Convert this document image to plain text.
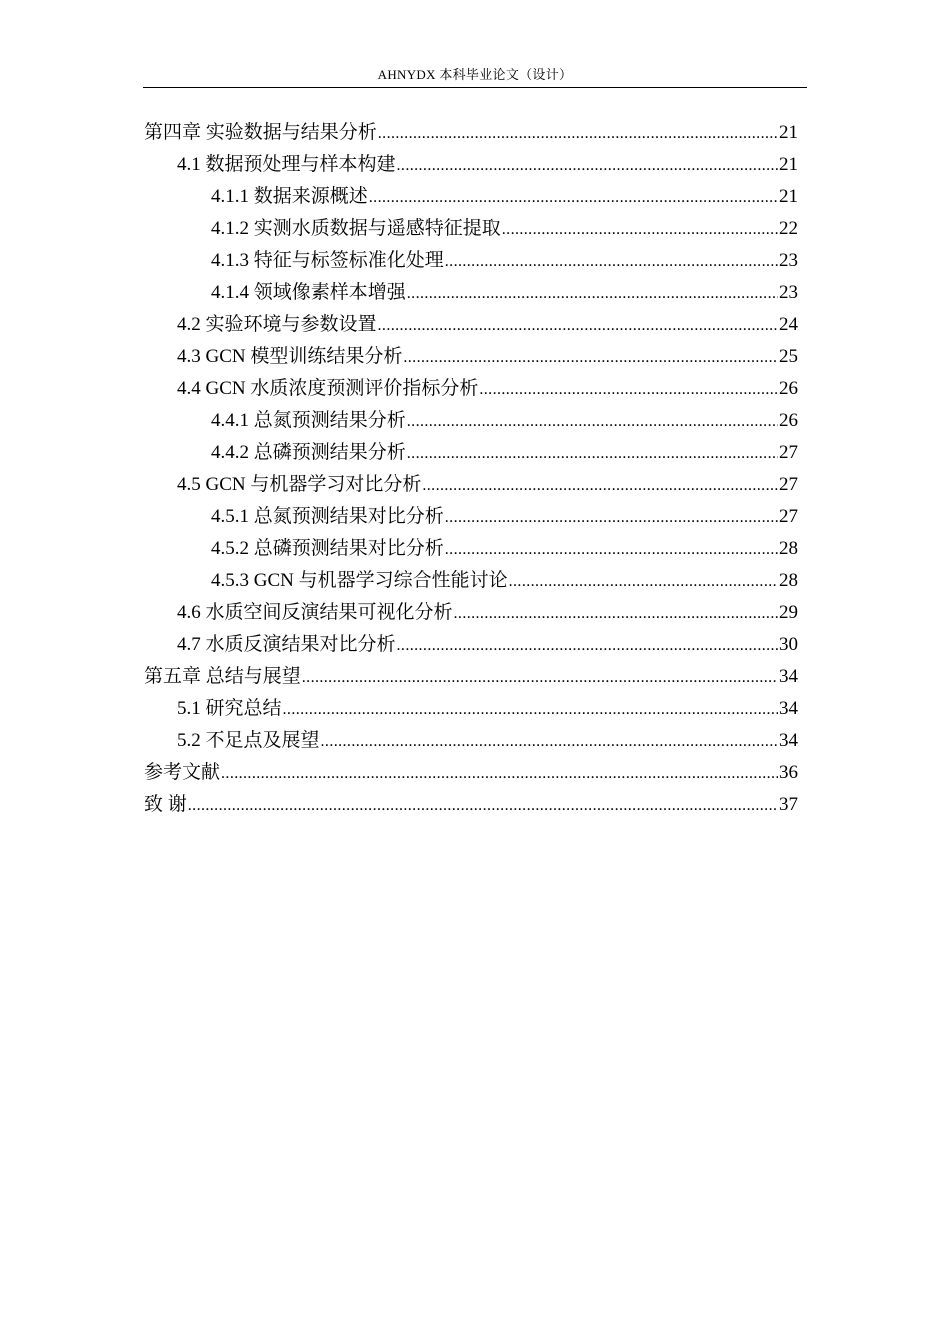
AHNYDX 本科毕业论文（设计）
第四章 实验数据与结果分析 .....	21
4.1 数据预处理与样本构建 .....	21
4.1.1 数据来源概述 .....	21
4.1.2 实测水质数据与遥感特征提取 .....	22
4.1.3 特征与标签标准化处理 .....	23
4.1.4 领域像素样本增强 .....	23
4.2 实验环境与参数设置 .....	24
4.3 GCN 模型训练结果分析 .....	25
4.4 GCN 水质浓度预测评价指标分析 .....	26
4.4.1 总氮预测结果分析 .....	26
4.4.2 总磷预测结果分析 .....	27
4.5 GCN 与机器学习对比分析 .....	27
4.5.1 总氮预测结果对比分析 .....	27
4.5.2 总磷预测结果对比分析 .....	28
4.5.3 GCN 与机器学习综合性能讨论 .....	28
4.6 水质空间反演结果可视化分析 .....	29
4.7 水质反演结果对比分析 .....	30
第五章 总结与展望 .....	34
5.1 研究总结 .....	34
5.2 不足点及展望 .....	34
参考文献 .....	36
致 谢 .....	37
